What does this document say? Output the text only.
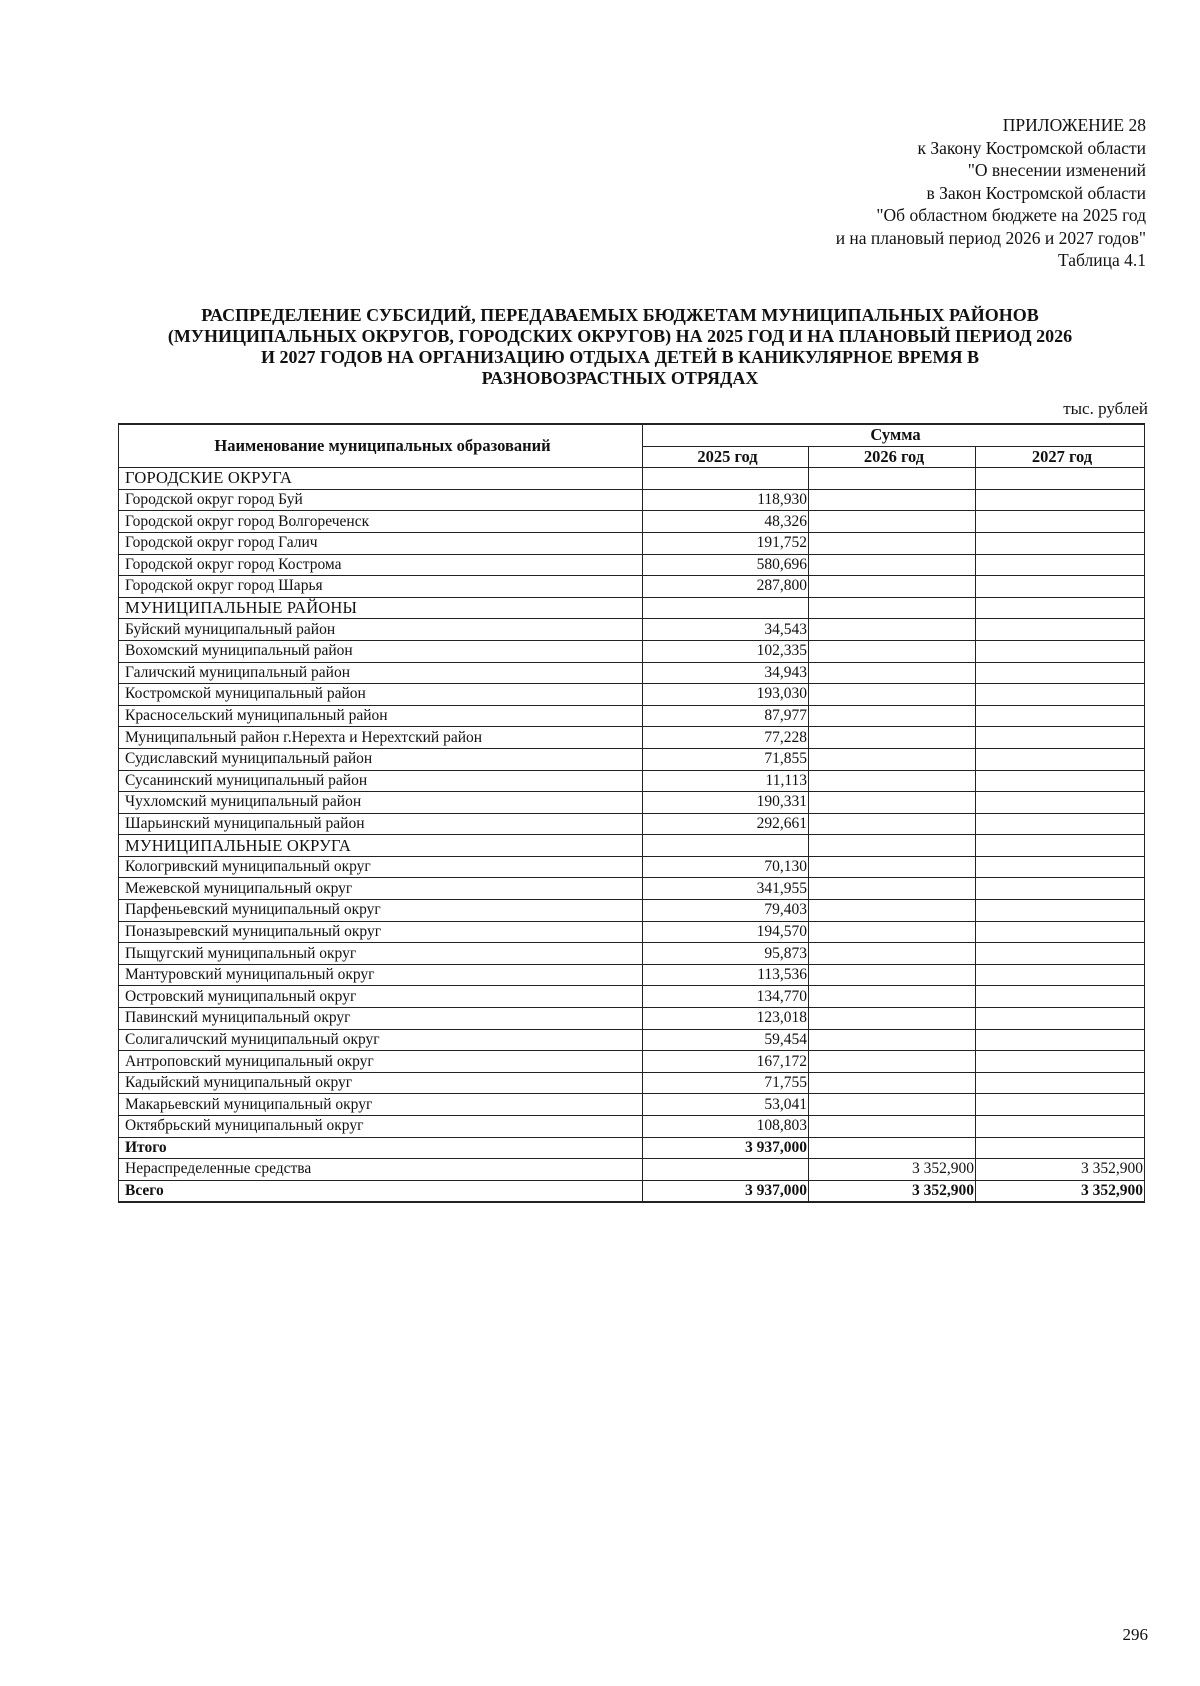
ПРИЛОЖЕНИЕ 28
к Закону Костромской области
"О внесении изменений
в Закон Костромской области
"Об областном бюджете на 2025 год
и на плановый период 2026 и 2027 годов"
Таблица 4.1
РАСПРЕДЕЛЕНИЕ СУБСИДИЙ, ПЕРЕДАВАЕМЫХ БЮДЖЕТАМ МУНИЦИПАЛЬНЫХ РАЙОНОВ
(МУНИЦИПАЛЬНЫХ ОКРУГОВ, ГОРОДСКИХ ОКРУГОВ) НА 2025 ГОД И НА ПЛАНОВЫЙ ПЕРИОД 2026
И 2027 ГОДОВ НА ОРГАНИЗАЦИЮ ОТДЫХА ДЕТЕЙ В КАНИКУЛЯРНОЕ ВРЕМЯ В
РАЗНОВОЗРАСТНЫХ ОТРЯДАХ
тыс. рублей
Наименование муниципальных образований	Сумма		
	2025 год	2026 год	2027 год
ГОРОДСКИЕ ОКРУГА			
Городской округ город Буй	118,930		
Городской округ город Волгореченск	48,326		
Городской округ город Галич	191,752		
Городской округ город Кострома	580,696		
Городской округ город Шарья	287,800		
МУНИЦИПАЛЬНЫЕ РАЙОНЫ			
Буйский муниципальный район	34,543		
Вохомский муниципальный район	102,335		
Галичский муниципальный район	34,943		
Костромской муниципальный район	193,030		
Красносельский муниципальный район	87,977		
Муниципальный район г.Нерехта и Нерехтский район	77,228		
Судиславский муниципальный район	71,855		
Сусанинский муниципальный район	11,113		
Чухломский муниципальный район	190,331		
Шарьинский муниципальный район	292,661		
МУНИЦИПАЛЬНЫЕ ОКРУГА			
Кологривский муниципальный округ	70,130		
Межевской муниципальный округ	341,955		
Парфеньевский муниципальный округ	79,403		
Поназыревский муниципальный округ	194,570		
Пыщугский муниципальный округ	95,873		
Мантуровский муниципальный округ	113,536		
Островский муниципальный округ	134,770		
Павинский муниципальный округ	123,018		
Солигаличский муниципальный округ	59,454		
Антроповский муниципальный округ	167,172		
Кадыйский муниципальный округ	71,755		
Макарьевский муниципальный округ	53,041		
Октябрьский муниципальный округ	108,803		
Итого	3 937,000		
Нераспределенные средства		3 352,900	3 352,900
Всего	3 937,000	3 352,900	3 352,900
296
